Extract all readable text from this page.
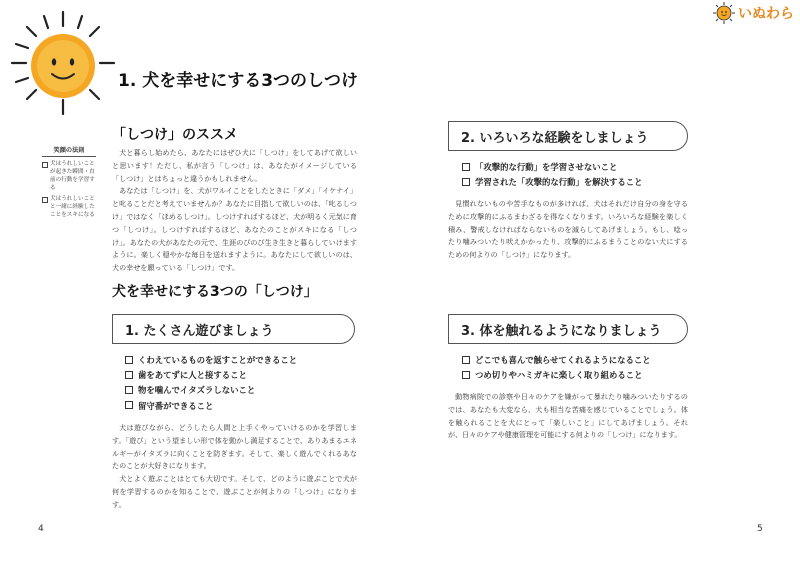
いぬわら
1. 犬を幸せにする3つのしつけ
「しつけ」のススメ

犬と暮らし始めたら、あなたにはぜひ犬に「しつけ」をしてあげて欲しいと思います！ただし、私が言う「しつけ」は、あなたがイメージしている「しつけ」とはちょっと違うかもしれません。

あなたは「しつけ」を、犬がワルイことをしたときに「ダメ」「イケナイ」と叱ることだと考えていませんか？あなたに目指して欲しいのは、「叱るしつけ」ではなく「ほめるしつけ」。しつけすればするほど、犬が明るく元気に育つ「しつけ」。しつけすればするほど、あなたのことがスキになる「しつけ」。あなたの犬があなたの元で、生涯のびのび生き生きと暮らしていけますように。楽しく穏やかな毎日を送れますように。あなたにして欲しいのは、犬の幸せを願っている「しつけ」です。

笑顔の法則
犬はうれしいことが起きた瞬間・直前の行動を学習する
犬はうれしいことと一緒に経験したことをスキになる
犬を幸せにする3つの「しつけ」
1. たくさん遊びましょう
くわえているものを返すことができること
歯をあてずに人と接すること
物を噛んでイタズラしないこと
留守番ができること

犬は遊びながら、どうしたら人間と上手くやっていけるのかを学習します。「遊び」という望ましい形で体を動かし満足することで、ありあまるエネルギーがイタズラに向くことを防ぎます。そして、楽しく遊んでくれるあなたのことが大好きになります。

犬とよく遊ぶことはとても大切です。そして、どのように遊ぶことで犬が何を学習するのかを知ることで、遊ぶことが何よりの「しつけ」になります。

4
2. いろいろな経験をしましょう
「攻撃的な行動」を学習させないこと
学習された「攻撃的な行動」を解決すること

見慣れないものや苦手なものが多ければ、犬はそれだけ自分の身を守るために攻撃的にふるまわざるを得なくなります。いろいろな経験を楽しく積み、警戒しなければならないものを減らしてあげましょう。もし、唸ったり噛みついたり吠えかかったり、攻撃的にふるまうことのない犬にするための何よりの「しつけ」になります。

3. 体を触れるようになりましょう
どこでも喜んで触らせてくれるようになること
つめ切りやハミガキに楽しく取り組めること

動物病院での診察や日々のケアを嫌がって暴れたり噛みついたりするのでは、あなたも大変なら、犬も相当な苦痛を感じていることでしょう。体を触られることを犬にとって「楽しいこと」にしてあげましょう。それが、日々のケアや健康管理を可能にする何よりの「しつけ」になります。

5
